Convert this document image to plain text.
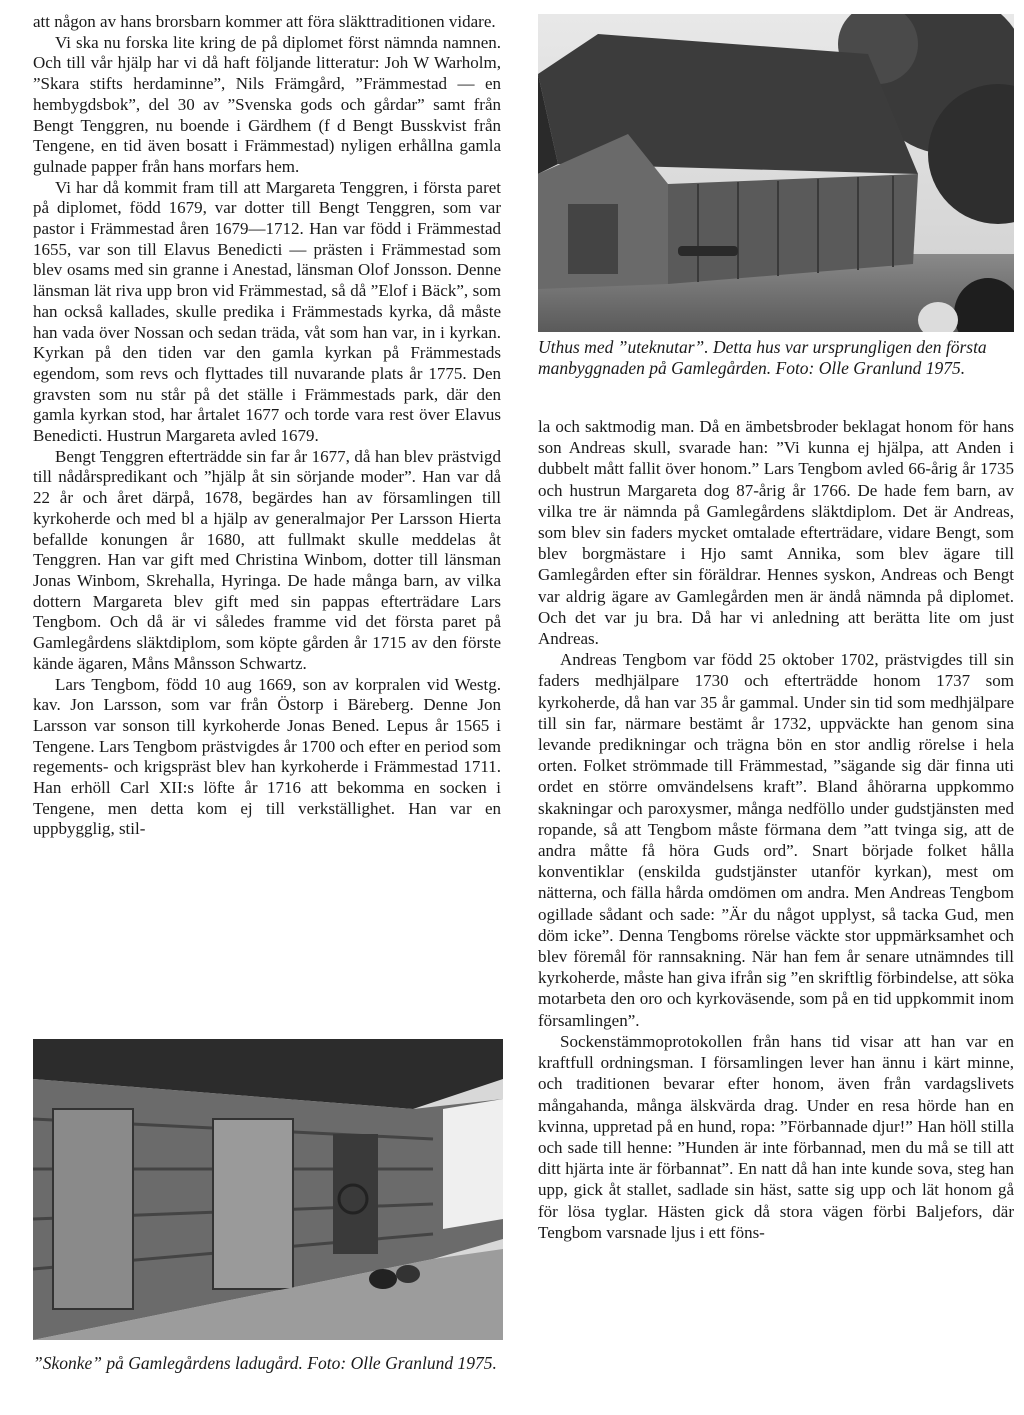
att någon av hans brorsbarn kommer att föra släkttraditionen vidare.

Vi ska nu forska lite kring de på diplomet först nämnda namnen. Och till vår hjälp har vi då haft följande litteratur: Joh W Warholm, ”Skara stifts herdaminne”, Nils Främgård, ”Främmestad — en hembygdsbok”, del 30 av ”Svenska gods och gårdar” samt från Bengt Tenggren, nu boende i Gärdhem (f d Bengt Busskvist från Tengene, en tid även bosatt i Främmestad) nyligen erhållna gamla gulnade papper från hans morfars hem.

Vi har då kommit fram till att Margareta Tenggren, i första paret på diplomet, född 1679, var dotter till Bengt Tenggren, som var pastor i Främmestad åren 1679—1712. Han var född i Främmestad 1655, var son till Elavus Benedicti — prästen i Främmestad som blev osams med sin granne i Anestad, länsman Olof Jonsson. Denne länsman lät riva upp bron vid Främmestad, så då ”Elof i Bäck”, som han också kallades, skulle predika i Främmestads kyrka, då måste han vada över Nossan och sedan träda, våt som han var, in i kyrkan. Kyrkan på den tiden var den gamla kyrkan på Främmestads egendom, som revs och flyttades till nuvarande plats år 1775. Den gravsten som nu står på det ställe i Främmestads park, där den gamla kyrkan stod, har årtalet 1677 och torde vara rest över Elavus Benedicti. Hustrun Margareta avled 1679.

Bengt Tenggren efterträdde sin far år 1677, då han blev prästvigd till nådårspredikant och ”hjälp åt sin sörjande moder”. Han var då 22 år och året därpå, 1678, begärdes han av församlingen till kyrkoherde och med bl a hjälp av generalmajor Per Larsson Hierta befallde konungen år 1680, att fullmakt skulle meddelas åt Tenggren. Han var gift med Christina Winbom, dotter till länsman Jonas Winbom, Skrehalla, Hyringa. De hade många barn, av vilka dottern Margareta blev gift med sin pappas efterträdare Lars Tengbom. Och då är vi således framme vid det första paret på Gamlegårdens släktdiplom, som köpte gården år 1715 av den förste kände ägaren, Måns Månsson Schwartz.

Lars Tengbom, född 10 aug 1669, son av korpralen vid Westg. kav. Jon Larsson, som var från Östorp i Bäreberg. Denne Jon Larsson var sonson till kyrkoherde Jonas Bened. Lepus år 1565 i Tengene. Lars Tengbom prästvigdes år 1700 och efter en period som regements- och krigspräst blev han kyrkoherde i Främmestad 1711. Han erhöll Carl XII:s löfte år 1716 att bekomma en socken i Tengene, men detta kom ej till verkställighet. Han var en uppbygglig, stil-

Uthus med ”uteknutar”. Detta hus var ursprungligen den första manbyggnaden på Gamlegården. Foto: Olle Granlund 1975.

la och saktmodig man. Då en ämbetsbroder beklagat honom för hans son Andreas skull, svarade han: ”Vi kunna ej hjälpa, att Anden i dubbelt mått fallit över honom.” Lars Tengbom avled 66-årig år 1735 och hustrun Margareta dog 87-årig år 1766. De hade fem barn, av vilka tre är nämnda på Gamlegårdens släktdiplom. Det är Andreas, som blev sin faders mycket omtalade efterträdare, vidare Bengt, som blev borgmästare i Hjo samt Annika, som blev ägare till Gamlegården efter sin föräldrar. Hennes syskon, Andreas och Bengt var aldrig ägare av Gamlegården men är ändå nämnda på diplomet. Och det var ju bra. Då har vi anledning att berätta lite om just Andreas.

Andreas Tengbom var född 25 oktober 1702, prästvigdes till sin faders medhjälpare 1730 och efterträdde honom 1737 som kyrkoherde, då han var 35 år gammal. Under sin tid som medhjälpare till sin far, närmare bestämt år 1732, uppväckte han genom sina levande predikningar och trägna bön en stor andlig rörelse i hela orten. Folket strömmade till Främmestad, ”sägande sig där finna uti ordet en större omvändelsens kraft”. Bland åhörarna uppkommo skakningar och paroxysmer, många nedföllo under gudstjänsten med ropande, så att Tengbom måste förmana dem ”att tvinga sig, att de andra måtte få höra Guds ord”. Snart började folket hålla konventiklar (enskilda gudstjänster utanför kyrkan), mest om nätterna, och fälla hårda omdömen om andra. Men Andreas Tengbom ogillade sådant och sade: ”Är du något upplyst, så tacka Gud, men döm icke”. Denna Tengboms rörelse väckte stor uppmärksamhet och blev föremål för rannsakning. När han fem år senare utnämndes till kyrkoherde, måste han giva ifrån sig ”en skriftlig förbindelse, att söka motarbeta den oro och kyrkoväsende, som på en tid uppkommit inom församlingen”.

Sockenstämmoprotokollen från hans tid visar att han var en kraftfull ordningsman. I församlingen lever han ännu i kärt minne, och traditionen bevarar efter honom, även från vardagslivets mångahanda, många älskvärda drag. Under en resa hörde han en kvinna, uppretad på en hund, ropa: ”Förbannade djur!” Han höll stilla och sade till henne: ”Hunden är inte förbannad, men du må se till att ditt hjärta inte är förbannat”. En natt då han inte kunde sova, steg han upp, gick åt stallet, sadlade sin häst, satte sig upp och lät honom gå för lösa tyglar. Hästen gick då stora vägen förbi Baljefors, där Tengbom varsnade ljus i ett föns-

”Skonke” på Gamlegårdens ladugård. Foto: Olle Granlund 1975.
